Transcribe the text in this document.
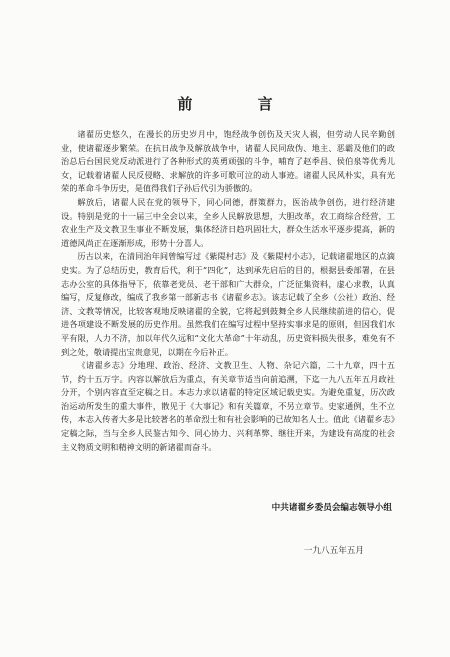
前 言

诸翟历史悠久，在漫长的历史岁月中，饱经战争创伤及天灾人祸，但劳动人民辛勤创业，使诸翟逐步繁荣。在抗日战争及解放战争中，诸翟人民同敌伪、地主、恶霸及他们的政治总后台国民党反动派进行了各种形式的英勇顽强的斗争，哺育了赵季昌、侯伯泉等优秀儿女，记载着诸翟人民反侵略、求解放的许多可歌可泣的动人事迹。诸翟人民风朴实，具有光荣的革命斗争历史，是值得我们子孙后代引为骄傲的。

解放后，诸翟人民在党的领导下，同心同德，群策群力，医治战争创伤，进行经济建设。特别是党的十一届三中全会以来，全乡人民解放思想，大胆改革，农工商综合经营，工农业生产及文教卫生事业不断发展，集体经济日趋巩固壮大，群众生活水平逐步提高，新的道德风尚正在逐渐形成，形势十分喜人。

历古以来，在清同治年间曾编写过《紫隄村志》及《紫隄村小志》，记载诸翟地区的点滴史实。为了总结历史，教育后代，利于“四化”，达到承先启后的目的，根据县委部署，在县志办公室的具体指导下，依靠老党员、老干部和广大群众，广泛征集资料，虚心求教，认真编写，反复修改，编成了我乡第一部新志书《诸翟乡志》。该志记载了全乡（公社）政治、经济、文教等情况，比较客观地反映诸翟的全貌，它将起到鼓舞全乡人民继续前进的信心，促进各项建设不断发展的历史作用。虽然我们在编写过程中坚持实事求是的原则，但因我们水平有限，人力不济，加以年代久远和“文化大革命”十年动乱，历史资料损失很多，难免有不到之处，敬请提出宝贵意见，以期在今后补正。

《诸翟乡志》分地理、政治、经济、文教卫生、人物、杂记六篇，二十九章，四十五节，约十五万字。内容以解放后为重点，有关章节适当向前追溯，下迄一九八五年五月政社分开，个别内容直至定稿之日。本志力求以诸翟的特定区域记载史实。为避免重复，历次政治运动所发生的重大事件，散见于《大事记》和有关篇章，不另立章节。史家通例，生不立传，本志入传者大多是比较著名的革命烈士和有社会影响的已故知名人士。值此《诸翟乡志》定稿之际，当与全乡人民鉴古知今、同心协力、兴利革弊、继往开来，为建设有高度的社会主义物质文明和精神文明的新诸翟而奋斗。

中共诸翟乡委员会编志领导小组
一九八五年五月
